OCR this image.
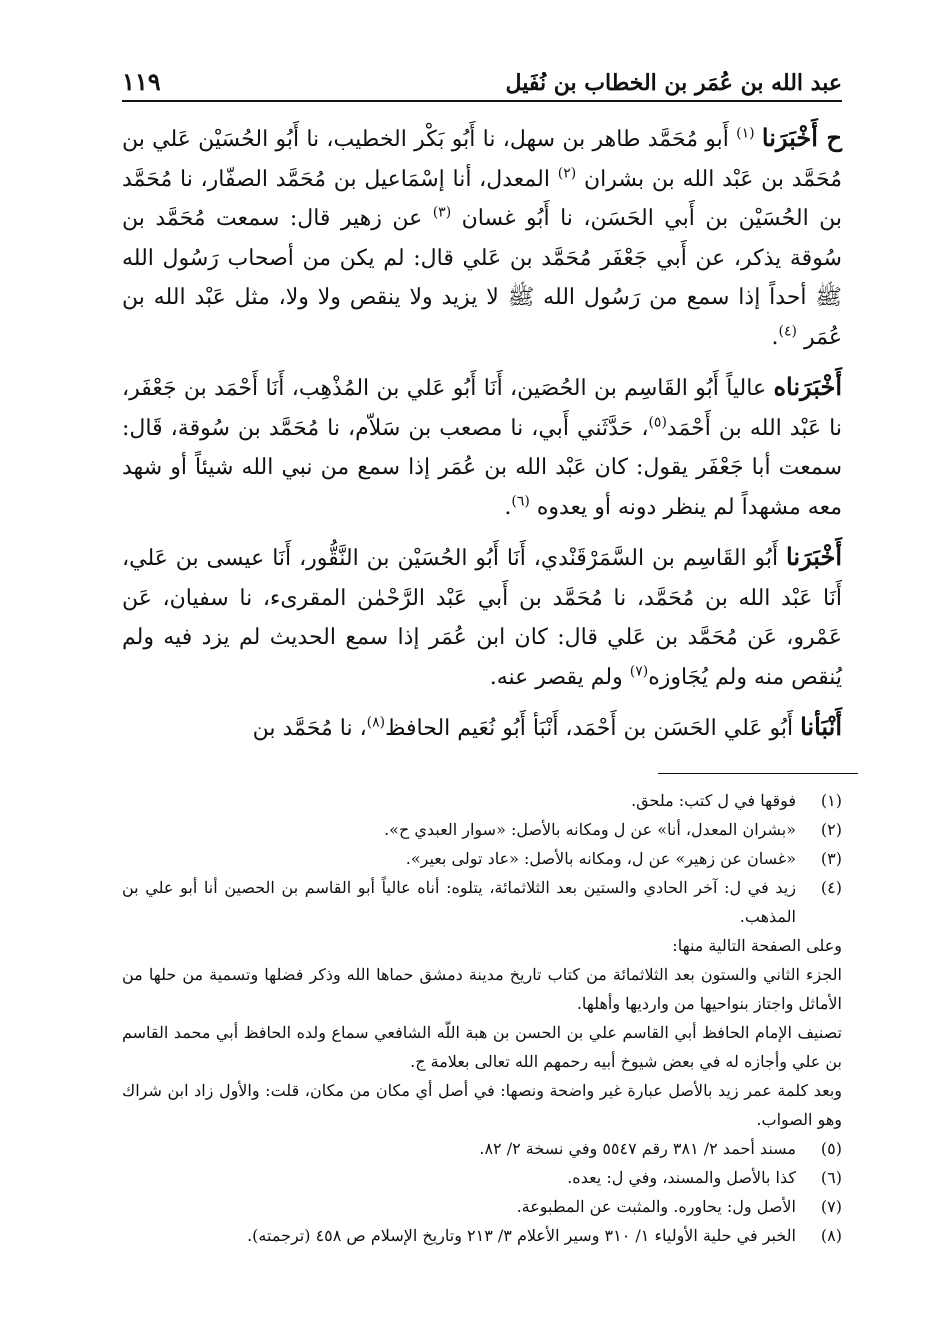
عبد الله بن عُمَر بن الخطاب بن نُفَيل
١١٩

ح أَخْبَرَنا $^{(١)}$ أَبو مُحَمَّد طاهر بن سهل، نا أَبُو بَكْر الخطيب، نا أَبُو الحُسَيْن عَلي بن مُحَمَّد بن عَبْد الله بن بشران $^{(٢)}$ المعدل، أنا إسْمَاعيل بن مُحَمَّد الصفّار، نا مُحَمَّد بن الحُسَيْن بن أَبي الحَسَن، نا أَبُو غسان $^{(٣)}$ عن زهير قال: سمعت مُحَمَّد بن سُوقة يذكر، عن أَبي جَعْفَر مُحَمَّد بن عَلي قال: لم يكن من أصحاب رَسُول الله ﷺ أحداً إذا سمع من رَسُول الله ﷺ لا يزيد ولا ينقص ولا ولا، مثل عَبْد الله بن عُمَر $^{(٤)}$.

أَخْبَرَناه عالياً أَبُو القَاسِم بن الحُصَين، أَنَا أَبُو عَلي بن المُذْهِب، أَنَا أَحْمَد بن جَعْفَر، نا عَبْد الله بن أَحْمَد$^{(٥)}$، حَدَّثَني أَبي، نا مصعب بن سَلاّم، نا مُحَمَّد بن سُوقة، قَال: سمعت أبا جَعْفَر يقول: كان عَبْد الله بن عُمَر إذا سمع من نبي الله شيئاً أو شهد معه مشهداً لم ينظر دونه أو يعدوه $^{(٦)}$.

أَخْبَرَنا أَبُو القَاسِم بن السَّمَرْقَنْدي، أَنَا أَبُو الحُسَيْن بن النَّقُّور، أَنَا عيسى بن عَلي، أَنَا عَبْد الله بن مُحَمَّد، نا مُحَمَّد بن أَبي عَبْد الرَّحْمٰن المقرىء، نا سفيان، عَن عَمْرو، عَن مُحَمَّد بن عَلي قال: كان ابن عُمَر إذا سمع الحديث لم يزد فيه ولم يُنقص منه ولم يُجَاوزه$^{(٧)}$ ولم يقصر عنه.

أَنْبَأنا أَبُو عَلي الحَسَن بن أَحْمَد، أَنْبَأ أَبُو نُعَيم الحافظ$^{(٨)}$، نا مُحَمَّد بن

(١)
فوقها في ل كتب: ملحق.
(٢)
«بشران المعدل، أنا» عن ل ومكانه بالأصل: «سوار العبدي ح».
(٣)
«غسان عن زهير» عن ل، ومكانه بالأصل: «عاد تولى بعير».
(٤)
زيد في ل: آخر الحادي والستين بعد الثلاثمائة، يتلوه: أناه عالياً أبو القاسم بن الحصين أنا أبو علي بن المذهب.
وعلى الصفحة التالية منها:
الجزء الثاني والستون بعد الثلاثمائة من كتاب تاريخ مدينة دمشق حماها الله وذكر فضلها وتسمية من حلها من الأماثل واجتاز بنواحيها من وارديها وأهلها.
تصنيف الإمام الحافظ أبي القاسم علي بن الحسن بن هبة اللّه الشافعي سماع ولده الحافظ أبي محمد القاسم بن علي وأجازه له في بعض شيوخ أبيه رحمهم الله تعالى بعلامة ج.
وبعد كلمة عمر زيد بالأصل عبارة غير واضحة ونصها: في أصل أي مكان من مكان، قلت: والأول زاد ابن شراك وهو الصواب.
(٥)
مسند أحمد ٢/ ٣٨١ رقم ٥٥٤٧ وفي نسخة ٢/ ٨٢.
(٦)
كذا بالأصل والمسند، وفي ل: يعده.
(٧)
الأصل ول: يحاوره. والمثبت عن المطبوعة.
(٨)
الخبر في حلية الأولياء ١/ ٣١٠ وسير الأعلام ٣/ ٢١٣ وتاريخ الإسلام ص ٤٥٨ (ترجمته).
